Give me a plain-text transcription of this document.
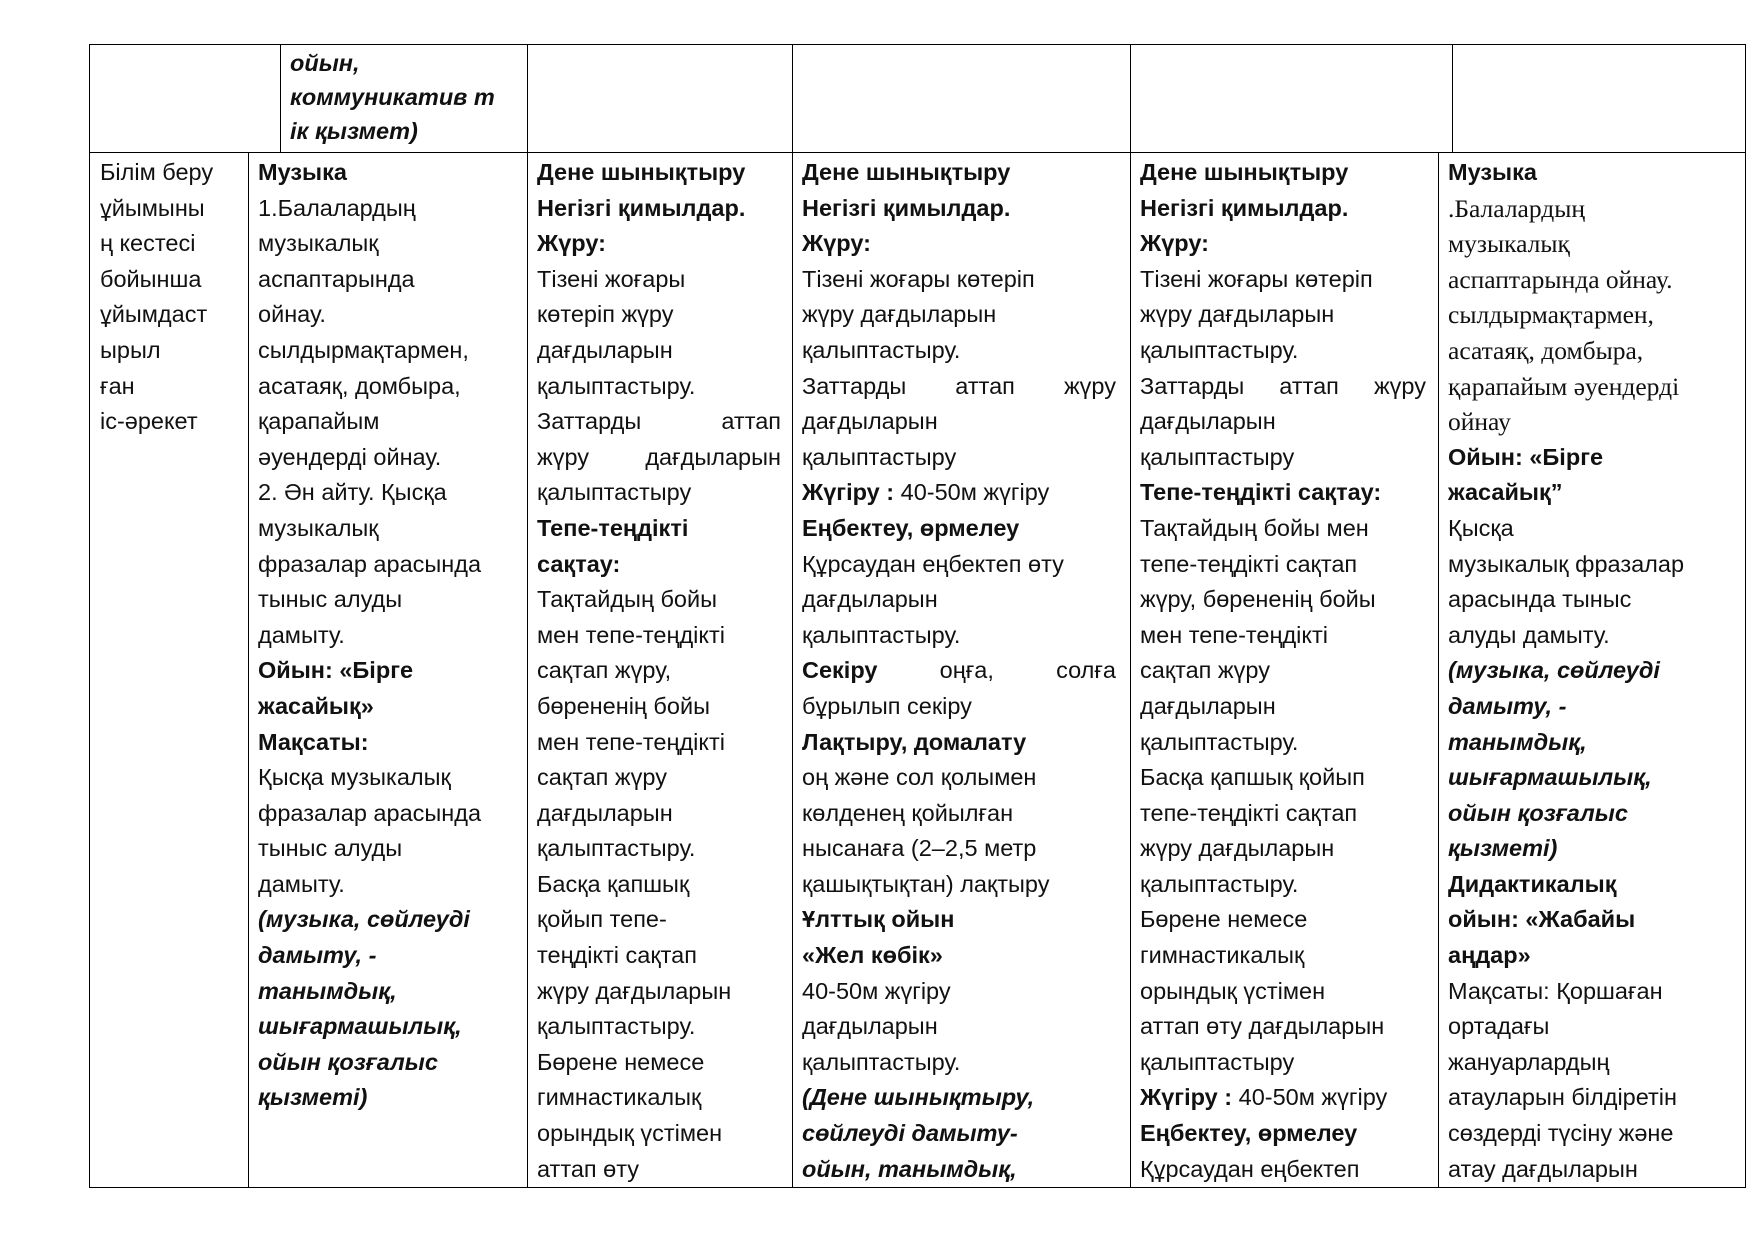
ойын,
коммуникатив т
ік қызмет)
Білім беру
ұйымыны
ң кестесі
бойынша
ұйымдаст
ырыл
ған
іс-әрекет
Музыка
1.Балалардың
музыкалық
аспаптарында
ойнау.
сылдырмақтармен,
асатаяқ, домбыра,
қарапайым
әуендерді ойнау.
2. Ән айту. Қысқа
музыкалық
фразалар арасында
тыныс алуды
дамыту.
Ойын: «Бірге
жасайық»
Мақсаты:
Қысқа музыкалық
фразалар арасында
тыныс алуды
дамыту.
(музыка, сөйлеуді
дамыту, -
танымдық,
шығармашылық,
ойын қозғалыс
қызметі)
Дене шынықтыру
Негізгі қимылдар.
Жүру:
Тізені жоғары
көтеріп жүру
дағдыларын
қалыптастыру.
Заттарды аттап
жүру дағдыларын
қалыптастыру
Тепе-теңдікті
сақтау:
Тақтайдың бойы
мен тепе-теңдікті
сақтап жүру,
бөрененің бойы
мен тепе-теңдікті
сақтап жүру
дағдыларын
қалыптастыру.
Басқа қапшық
қойып тепе-
теңдікті сақтап
жүру дағдыларын
қалыптастыру.
Бөрене немесе
гимнастикалық
орындық үстімен
аттап өту
Дене шынықтыру
Негізгі қимылдар.
Жүру:
Тізені жоғары көтеріп
жүру дағдыларын
қалыптастыру.
Заттарды аттап жүру
дағдыларын
қалыптастыру
Жүгіру : 40-50м жүгіру
Еңбектеу, өрмелеу
Құрсаудан еңбектеп өту
дағдыларын
қалыптастыру.
Секіру оңға, солға
бұрылып секіру
Лақтыру, домалату
оң және сол қолымен
көлденең қойылған
нысанаға (2–2,5 метр
қашықтықтан) лақтыру
Ұлттық ойын
«Жел көбік»
40-50м жүгіру
дағдыларын
қалыптастыру.
(Дене шынықтыру,
сөйлеуді дамыту-
ойын, танымдық,
Дене шынықтыру
Негізгі қимылдар.
Жүру:
Тізені жоғары көтеріп
жүру дағдыларын
қалыптастыру.
Заттарды аттап жүру
дағдыларын
қалыптастыру
Тепе-теңдікті сақтау:
Тақтайдың бойы мен
тепе-теңдікті сақтап
жүру, бөрененің бойы
мен тепе-теңдікті
сақтап жүру
дағдыларын
қалыптастыру.
Басқа қапшық қойып
тепе-теңдікті сақтап
жүру дағдыларын
қалыптастыру.
Бөрене немесе
гимнастикалық
орындық үстімен
аттап өту дағдыларын
қалыптастыру
Жүгіру : 40-50м жүгіру
Еңбектеу, өрмелеу
Құрсаудан еңбектеп
Музыка
.Балалардың
музыкалық
аспаптарында ойнау.
сылдырмақтармен,
асатаяқ, домбыра,
қарапайым әуендерді
ойнау
Ойын: «Бірге
жасайық”
Қысқа
музыкалық фразалар
арасында тыныс
алуды дамыту.
(музыка, сөйлеуді
дамыту, -
танымдық,
шығармашылық,
ойын қозғалыс
қызметі)
Дидактикалық
ойын: «Жабайы
аңдар»
Мақсаты: Қоршаған
ортадағы
жануарлардың
атауларын білдіретін
сөздерді түсіну және
атау дағдыларын
